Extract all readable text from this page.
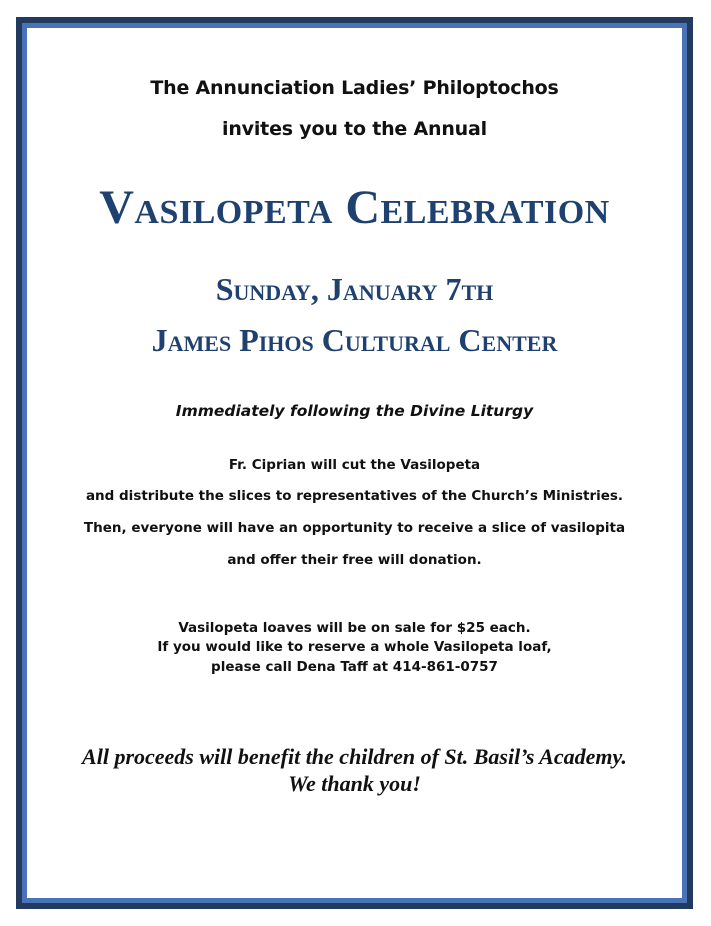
The Annunciation Ladies’ Philoptochos
invites you to the Annual
Vasilopeta Celebration
Sunday, January 7th
James Pihos Cultural Center
Immediately following the Divine Liturgy
Fr. Ciprian will cut the Vasilopeta
and distribute the slices to representatives of the Church’s Ministries.
Then, everyone will have an opportunity to receive a slice of vasilopita
and offer their free will donation.
Vasilopeta loaves will be on sale for $25 each.
If you would like to reserve a whole Vasilopeta loaf,
please call Dena Taff at 414-861-0757
All proceeds will benefit the children of St. Basil’s Academy.
We thank you!
